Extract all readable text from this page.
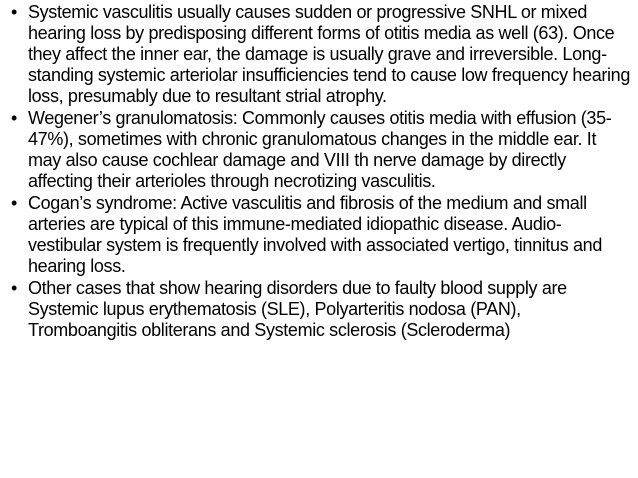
• Systemic vasculitis usually causes sudden or progressive SNHL or mixed hearing loss by predisposing different forms of otitis media as well (63). Once they affect the inner ear, the damage is usually grave and irreversible. Long-standing systemic arteriolar insufficiencies tend to cause low frequency hearing loss, presumably due to resultant strial atrophy.
• Wegener’s granulomatosis: Commonly causes otitis media with effusion (35-47%), sometimes with chronic granulomatous changes in the middle ear. It may also cause cochlear damage and VIII th nerve damage by directly affecting their arterioles through necrotizing vasculitis.
• Cogan’s syndrome: Active vasculitis and fibrosis of the medium and small arteries are typical of this immune-mediated idiopathic disease. Audio-vestibular system is frequently involved with associated vertigo, tinnitus and hearing loss.
• Other cases that show hearing disorders due to faulty blood supply are Systemic lupus erythematosis (SLE), Polyarteritis nodosa (PAN), Tromboangitis obliterans and Systemic sclerosis (Scleroderma)
